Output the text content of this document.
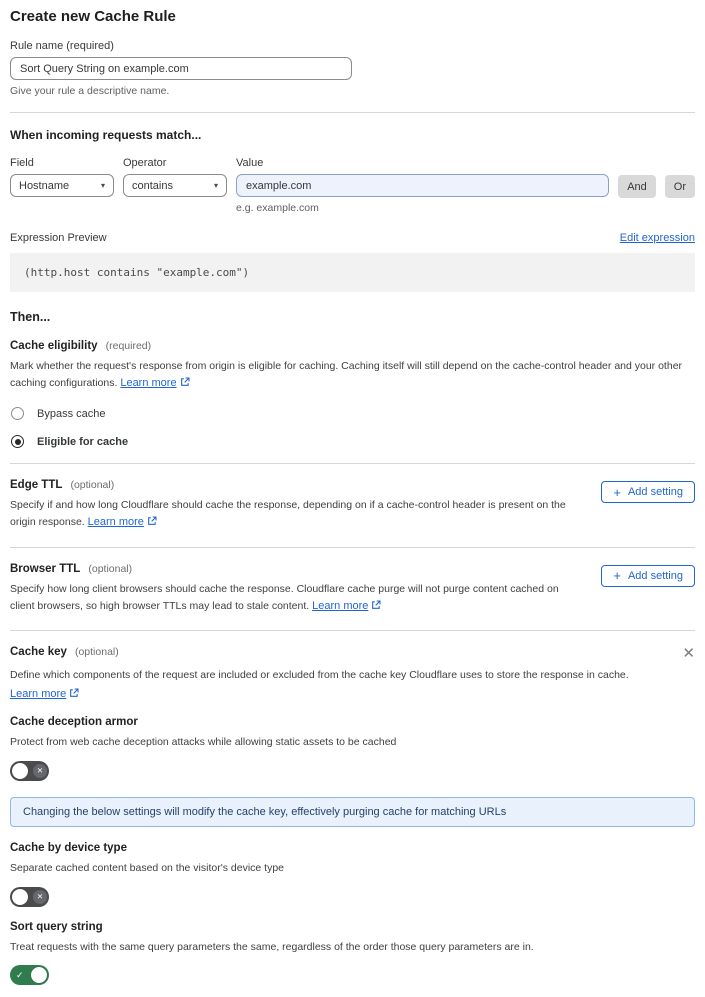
Create new Cache Rule
Rule name (required)
Sort Query String on example.com
Give your rule a descriptive name.
When incoming requests match...
Field
Hostname	▾
Operator
contains	▾
Value
example.com
e.g. example.com
And	Or
Expression Preview	Edit expression
(http.host contains "example.com")
Then...
Cache eligibility (required)

Mark whether the request's response from origin is eligible for caching. Caching itself will still depend on the cache-control header and your other caching configurations. Learn more

Bypass cache
Eligible for cache
Edge TTL (optional)

Specify if and how long Cloudflare should cache the response, depending on if a cache-control header is present on the origin response. Learn more

+ Add setting
Browser TTL (optional)

Specify how long client browsers should cache the response. Cloudflare cache purge will not purge content cached on client browsers, so high browser TTLs may lead to stale content. Learn more

+ Add setting
Cache key (optional)	✕

Define which components of the request are included or excluded from the cache key Cloudflare uses to store the response in cache.

Learn more
Cache deception armor

Protect from web cache deception attacks while allowing static assets to be cached

✕
Changing the below settings will modify the cache key, effectively purging cache for matching URLs
Cache by device type

Separate cached content based on the visitor's device type

✕
Sort query string

Treat requests with the same query parameters the same, regardless of the order those query parameters are in.

✓
